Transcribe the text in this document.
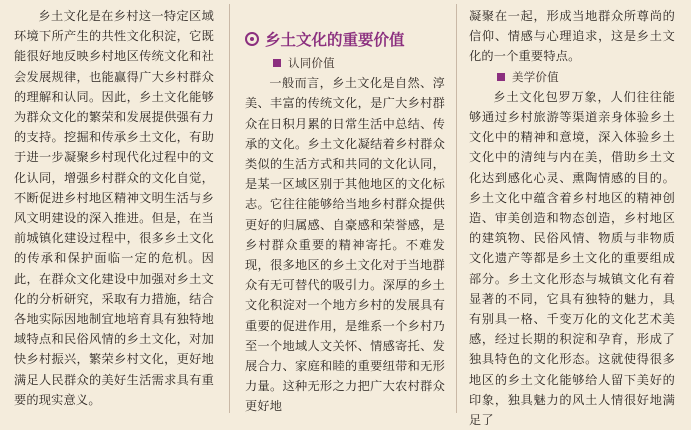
乡土文化是在乡村这一特定区域环境下所产生的共性文化积淀，它既能很好地反映乡村地区传统文化和社会发展规律，也能赢得广大乡村群众的理解和认同。因此，乡土文化能够为群众文化的繁荣和发展提供强有力的支持。挖掘和传承乡土文化，有助于进一步凝聚乡村现代化过程中的文化认同，增强乡村群众的文化自觉，不断促进乡村地区精神文明生活与乡风文明建设的深入推进。但是，在当前城镇化建设过程中，很多乡土文化的传承和保护面临一定的危机。因此，在群众文化建设中加强对乡土文化的分析研究，采取有力措施，结合各地实际因地制宜地培育具有独特地域特点和民俗风情的乡土文化，对加快乡村振兴，繁荣乡村文化，更好地满足人民群众的美好生活需求具有重要的现实意义。

乡土文化的重要价值
认同价值

一般而言，乡土文化是自然、淳美、丰富的传统文化，是广大乡村群众在日积月累的日常生活中总结、传承的文化。乡土文化凝结着乡村群众类似的生活方式和共同的文化认同，是某一区域区别于其他地区的文化标志。它往往能够给当地乡村群众提供更好的归属感、自豪感和荣誉感，是乡村群众重要的精神寄托。不难发现，很多地区的乡土文化对于当地群众有无可替代的吸引力。深厚的乡土文化积淀对一个地方乡村的发展具有重要的促进作用，是维系一个乡村乃至一个地域人文关怀、情感寄托、发展合力、家庭和睦的重要纽带和无形力量。这种无形之力把广大农村群众更好地

凝聚在一起，形成当地群众所尊尚的信仰、情感与心理追求，这是乡土文化的一个重要特点。

美学价值

乡土文化包罗万象，人们往往能够通过乡村旅游等渠道亲身体验乡土文化中的精神和意境，深入体验乡土文化中的清纯与内在美，借助乡土文化达到感化心灵、熏陶情感的目的。乡土文化中蕴含着乡村地区的精神创造、审美创造和物态创造，乡村地区的建筑物、民俗风情、物质与非物质文化遗产等都是乡土文化的重要组成部分。乡土文化形态与城镇文化有着显著的不同，它具有独特的魅力，具有别具一格、千变万化的文化艺术美感，经过长期的积淀和孕育，形成了独具特色的文化形态。这就使得很多地区的乡土文化能够给人留下美好的印象，独具魅力的风土人情很好地满足了
